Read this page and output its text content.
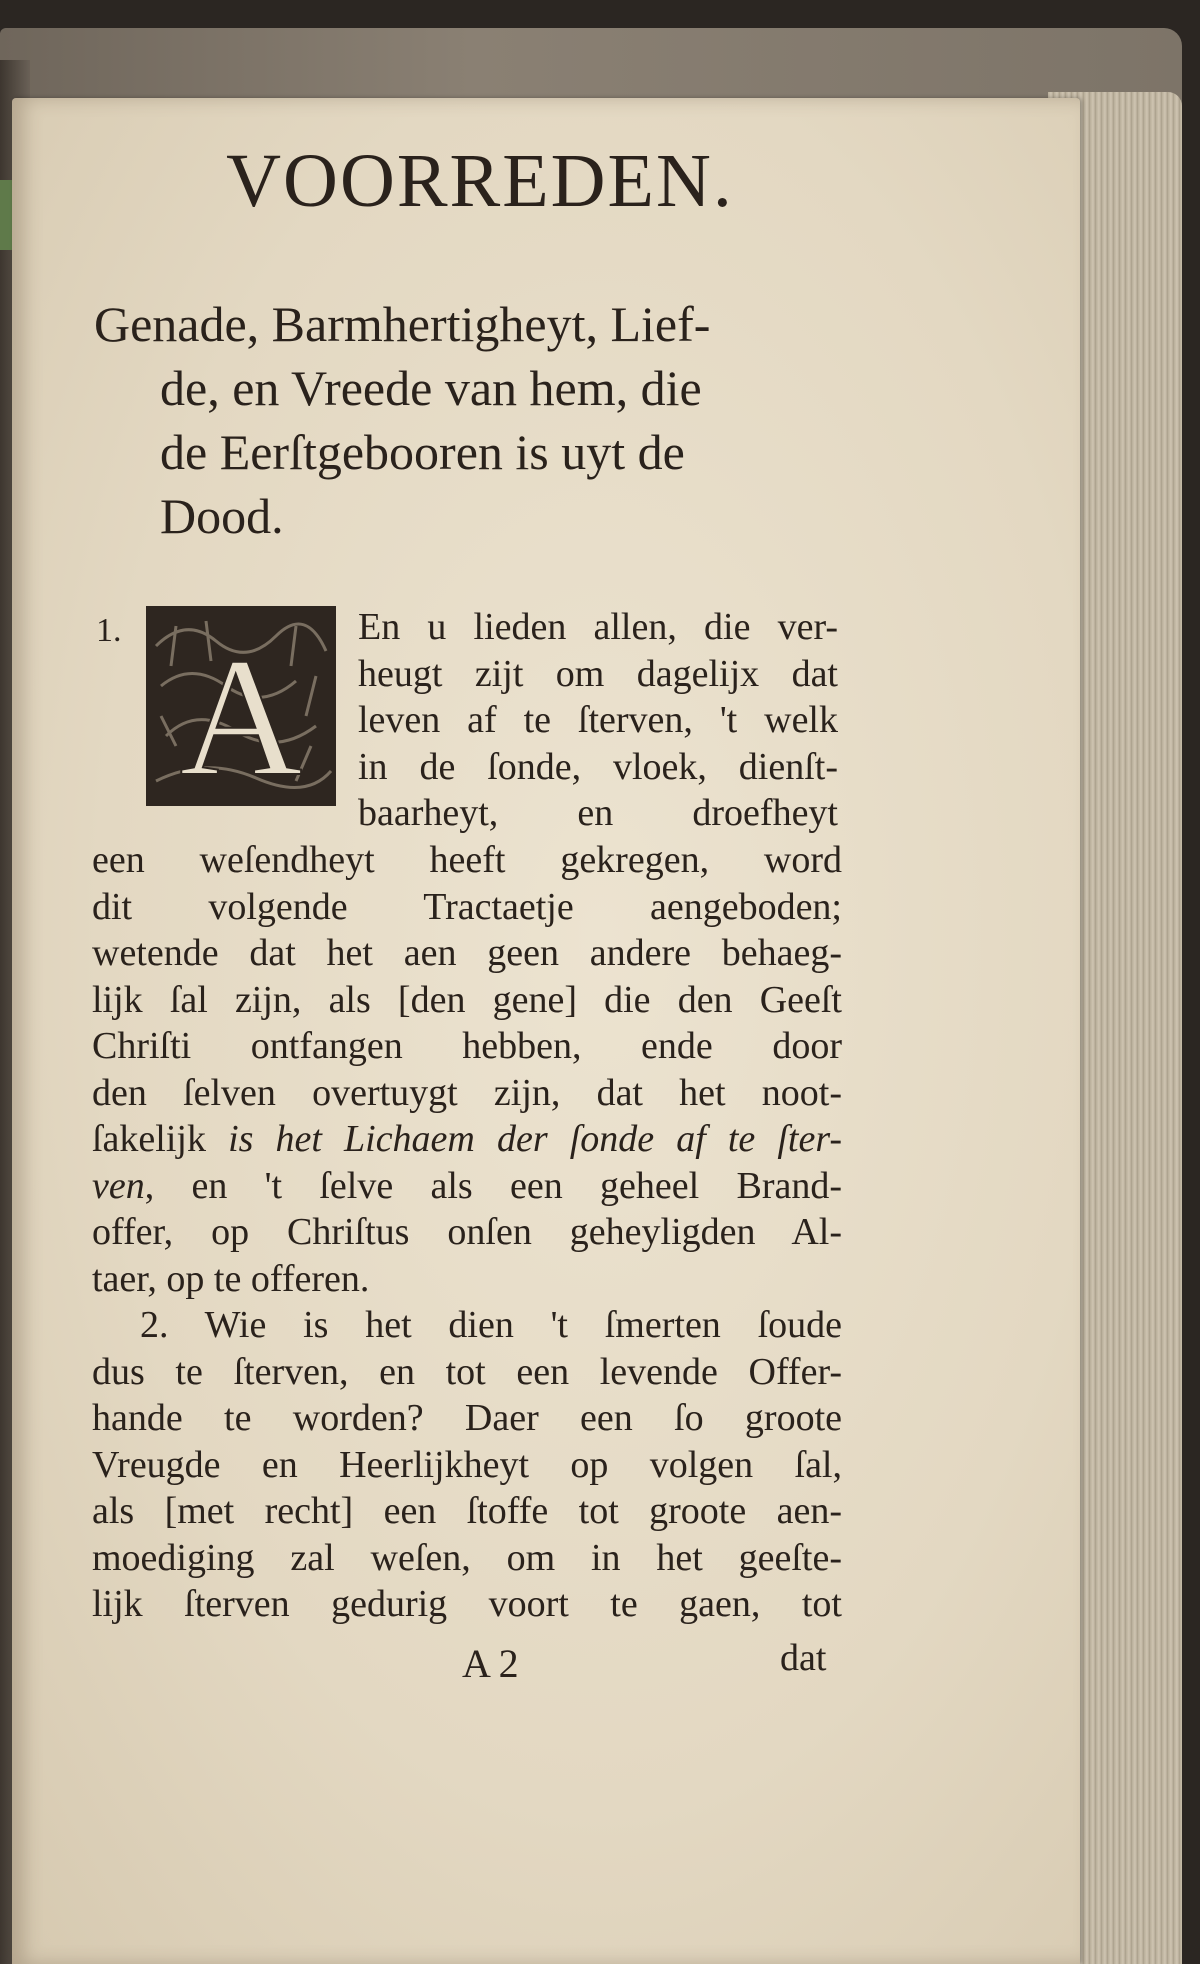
VOORREDEN.
Genade, Barmhertigheyt, Lief-
de, en Vreede van hem, die
de Eerſtgebooren is uyt de
Dood.
1. A En u lieden allen, die ver-
heugt zijt om dagelijx dat
leven af te ſterven, 't welk
in de ſonde, vloek, dienſt-
baarheyt, en droefheyt
een weſendheyt heeft gekregen, word
dit volgende Tractaetje aengeboden;
wetende dat het aen geen andere behaeg-
lijk ſal zijn, als [den gene] die den Geeſt
Chriſti ontfangen hebben, ende door
den ſelven overtuygt zijn, dat het noot-
ſakelijk is het Lichaem der ſonde af te ſter-
ven, en 't ſelve als een geheel Brand-
offer, op Chriſtus onſen geheyligden Al-
taer, op te offeren.
2. Wie is het dien 't ſmerten ſoude
dus te ſterven, en tot een levende Offer-
hande te worden? Daer een ſo groote
Vreugde en Heerlijkheyt op volgen ſal,
als [met recht] een ſtoffe tot groote aen-
moediging zal weſen, om in het geeſte-
lijk ſterven gedurig voort te gaen, tot
A 2	dat
